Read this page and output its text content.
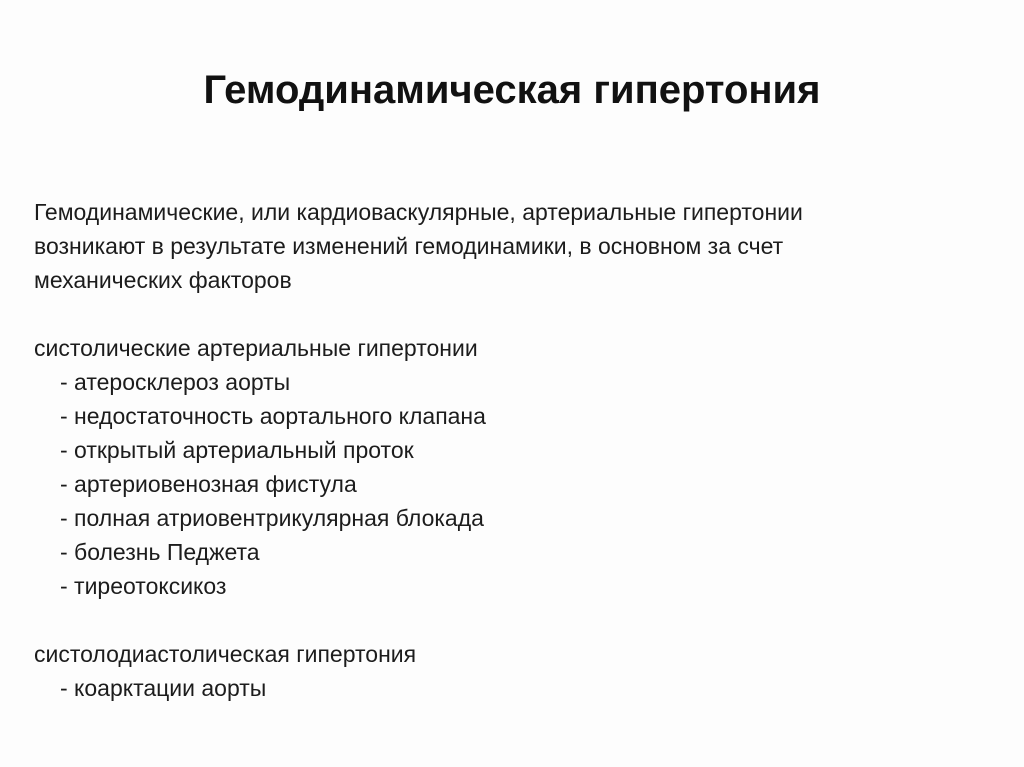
Гемодинамическая гипертония

Гемодинамические, или кардиоваскулярные, артериальные гипертонии
возникают в результате изменений гемодинамики, в основном за счет
механических факторов

систолические артериальные гипертонии
- атеросклероз аорты
- недостаточность аортального клапана
- открытый артериальный проток
- артериовенозная фистула
- полная атриовентрикулярная блокада
- болезнь Педжета
- тиреотоксикоз
систолодиастолическая гипертония
- коарктации аорты
